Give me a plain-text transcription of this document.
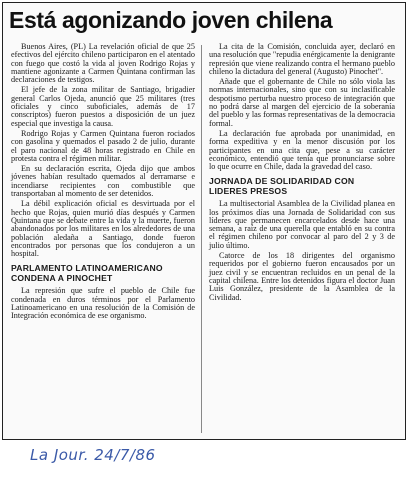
Está agonizando joven chilena

Buenos Aires, (PL) La revelación oficial de que 25 efectivos del ejército chileno participaron en el atentado con fuego que costó la vida al joven Rodrigo Rojas y mantiene agonizante a Carmen Quintana confirman las declaraciones de testigos.

El jefe de la zona militar de Santiago, brigadier general Carlos Ojeda, anunció que 25 militares (tres oficiales y cinco suboficiales, además de 17 conscriptos) fueron puestos a disposición de un juez especial que investiga la causa.

Rodrigo Rojas y Carmen Quintana fueron rociados con gasolina y quemados el pasado 2 de julio, durante el paro nacional de 48 horas registrado en Chile en protesta contra el régimen militar.

En su declaración escrita, Ojeda dijo que ambos jóvenes habían resultado quemados al derramarse e incendiarse recipientes con combustible que transportaban al momento de ser detenidos.

La débil explicación oficial es desvirtuada por el hecho que Rojas, quien murió días después y Carmen Quintana que se debate entre la vida y la muerte, fueron abandonados por los militares en los alrededores de una población aledaña a Santiago, donde fueron encontrados por personas que los condujeron a un hospital.

PARLAMENTO LATINOAMERICANO CONDENA A PINOCHET

La represión que sufre el pueblo de Chile fue condenada en duros términos por el Parlamento Latinoamericano en una resolución de la Comisión de Integración económica de ese organismo.

La cita de la Comisión, concluida ayer, declaró en una resolución que "repudia enérgicamente la denigrante represión que viene realizando contra el hermano pueblo chileno la dictadura del general (Augusto) Pinochet".

Añade que el gobernante de Chile no sólo viola las normas internacionales, sino que con su inclasificable despotismo perturba nuestro proceso de integración que no podrá darse al margen del ejercicio de la soberanía del pueblo y las formas representativas de la democracia formal.

La declaración fue aprobada por unanimidad, en forma expeditiva y en la menor discusión por los participantes en una cita que, pese a su carácter económico, entendió que tenía que pronunciarse sobre lo que ocurre en Chile, dada la gravedad del caso.

JORNADA DE SOLIDARIDAD CON LIDERES PRESOS

La multisectorial Asamblea de la Civilidad planea en los próximos días una Jornada de Solidaridad con sus líderes que permanecen encarcelados desde hace una semana, a raíz de una querella que entabló en su contra el régimen chileno por convocar al paro del 2 y 3 de julio último.

Catorce de los 18 dirigentes del organismo requeridos por el gobierno fueron encausados por un juez civil y se encuentran recluidos en un penal de la capital chilena. Entre los detenidos figura el doctor Juan Luis González, presidente de la Asamblea de la Civilidad.

La Jour. 24/7/86
